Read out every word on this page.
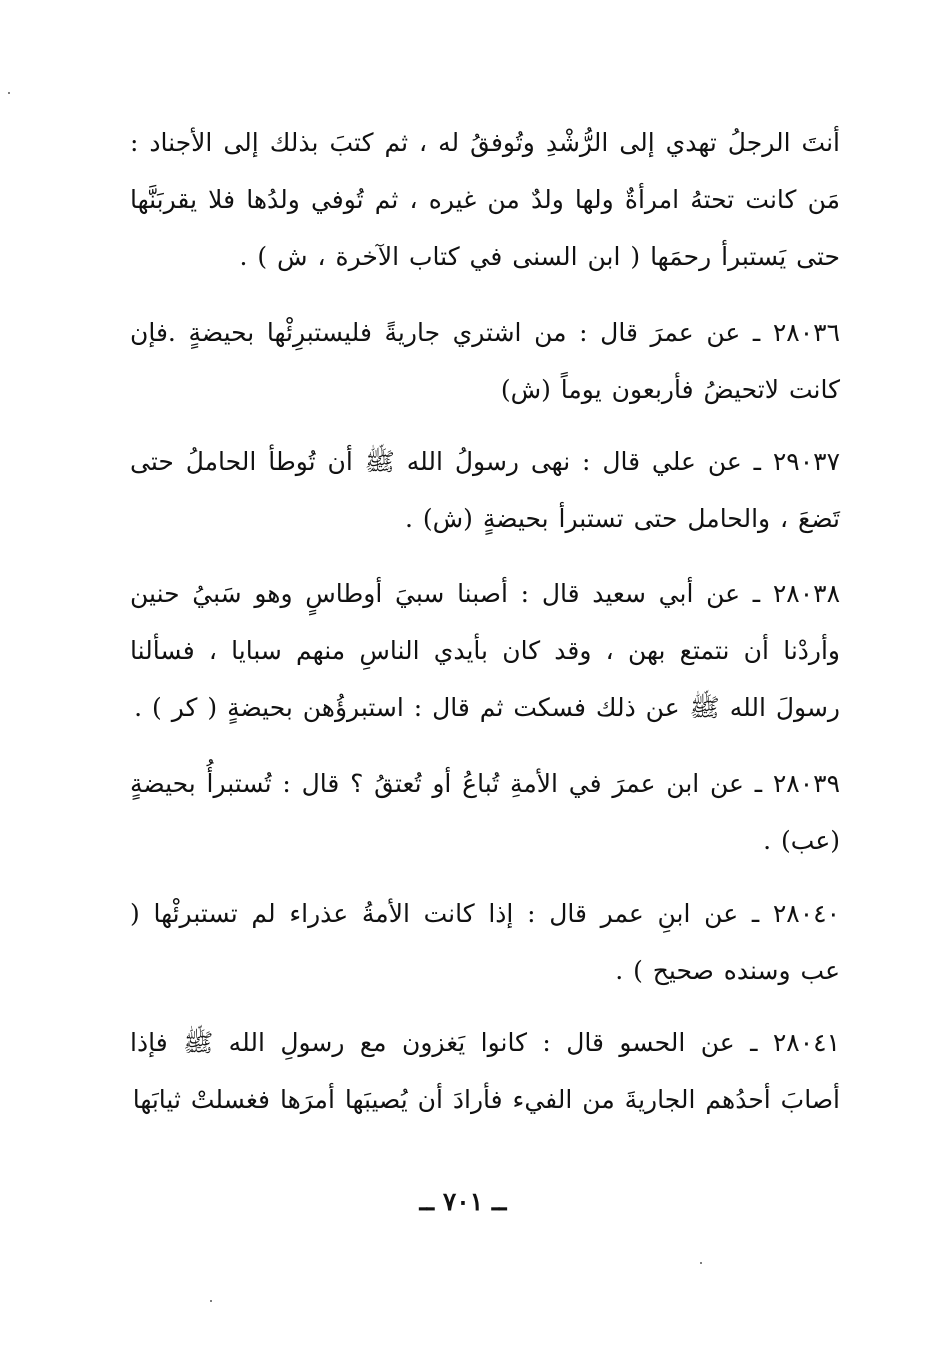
أنتَ الرجلُ تهدي إلى الرُّشْدِ وتُوفقُ له ، ثم كتبَ بذلك إلى الأجناد : مَن كانت تحتهُ امرأةٌ ولها ولدٌ من غيره ، ثم تُوفي ولدُها فلا يقربَنَّها حتى يَستبرأ رحمَها ( ابن السنى في كتاب الآخرة ، ش ) .

٢٨٠٣٦ ـ عن عمرَ قال : من اشتري جاريةً فليستبرِئْها بحيضةٍ .فإن كانت لاتحيضُ فأربعون يوماً (ش)

٢٩٠٣٧ ـ عن علي قال : نهى رسولُ الله ﷺ أن تُوطأ الحاملُ حتى تَضعَ ، والحامل حتى تستبرأ بحيضةٍ (ش) .

٢٨٠٣٨ ـ عن أبي سعيد قال : أصبنا سبيَ أوطاسٍ وهو سَبيُ حنين وأردْنا أن نتمتع بهن ، وقد كان بأيدي الناسِ منهم سبايا ، فسألنا رسولَ الله ﷺ عن ذلك فسكت ثم قال : استبرؤُهن بحيضةٍ ( كر ) .

٢٨٠٣٩ ـ عن ابن عمرَ في الأمةِ تُباعُ أو تُعتقُ ؟ قال : تُستبرأُ بحيضةٍ (عب) .

٢٨٠٤٠ ـ عن ابنِ عمر قال : إذا كانت الأمةُ عذراء لم تستبرئْها ( عب وسنده صحيح ) .

٢٨٠٤١ ـ عن الحسو قال : كانوا يَغزون مع رسولِ الله ﷺ فإذا أصابَ أحدُهم الجاريةَ من الفيء فأرادَ أن يُصيبَها أمرَها فغسلتْ ثيابَها

ــ ٧٠١ ــ
